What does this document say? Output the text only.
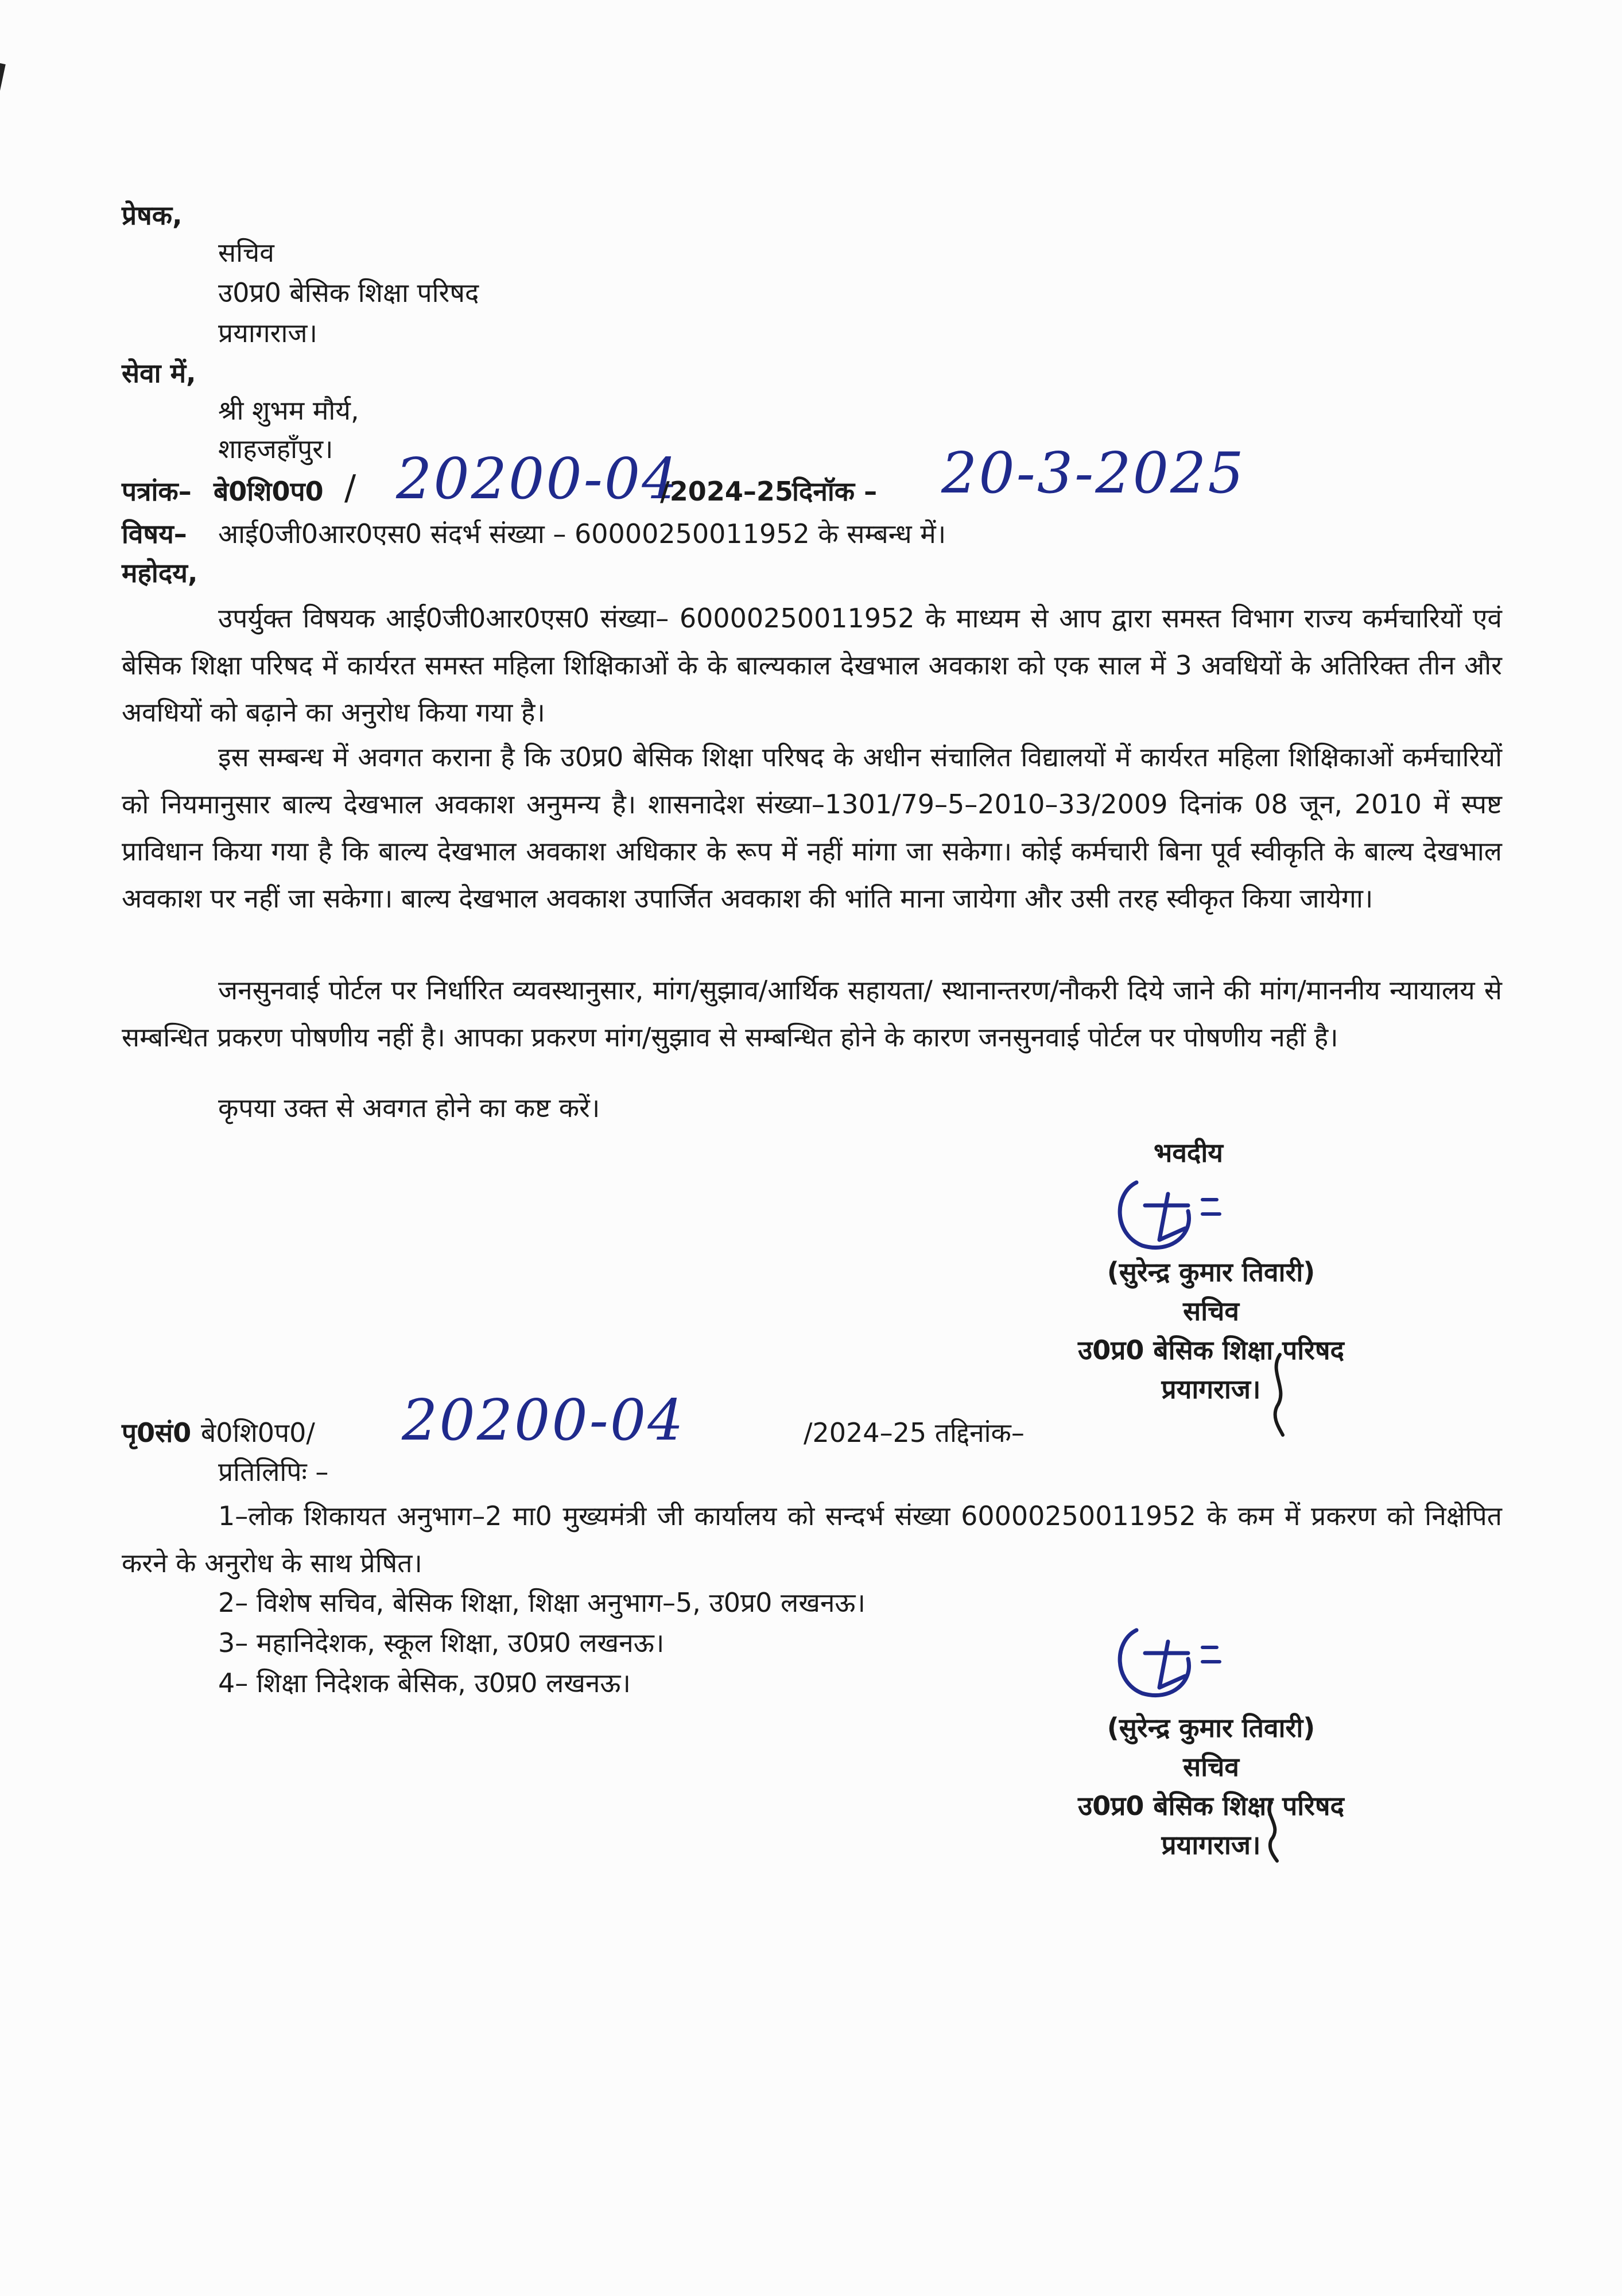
प्रेषक,
सचिव
उ0प्र0 बेसिक शिक्षा परिषद
प्रयागराज।
सेवा में,
श्री शुभम मौर्य,
शाहजहाँपुर।
पत्रांक– बे0शि0प0 / 20200-04
/2024–25
दिनॉक – 20-3-2025
विषय– आई0जी0आर0एस0 संदर्भ संख्या – 60000250011952 के सम्बन्ध में।
महोदय,
उपर्युक्त विषयक आई0जी0आर0एस0 संख्या– 60000250011952 के माध्यम से आप द्वारा समस्त विभाग राज्य कर्मचारियों एवं बेसिक शिक्षा परिषद में कार्यरत समस्त महिला शिक्षिकाओं के के बाल्यकाल देखभाल अवकाश को एक साल में 3 अवधियों के अतिरिक्त तीन और अवधियों को बढ़ाने का अनुरोध किया गया है।
इस सम्बन्ध में अवगत कराना है कि उ0प्र0 बेसिक शिक्षा परिषद के अधीन संचालित विद्यालयों में कार्यरत महिला शिक्षिकाओं कर्मचारियों को नियमानुसार बाल्य देखभाल अवकाश अनुमन्य है। शासनादेश संख्या–1301/79–5–2010–33/2009 दिनांक 08 जून, 2010 में स्पष्ट प्राविधान किया गया है कि बाल्य देखभाल अवकाश अधिकार के रूप में नहीं मांगा जा सकेगा। कोई कर्मचारी बिना पूर्व स्वीकृति के बाल्य देखभाल अवकाश पर नहीं जा सकेगा। बाल्य देखभाल अवकाश उपार्जित अवकाश की भांति माना जायेगा और उसी तरह स्वीकृत किया जायेगा।
जनसुनवाई पोर्टल पर निर्धारित व्यवस्थानुसार, मांग/सुझाव/आर्थिक सहायता/ स्थानान्तरण/नौकरी दिये जाने की मांग/माननीय न्यायालय से सम्बन्धित प्रकरण पोषणीय नहीं है। आपका प्रकरण मांग/सुझाव से सम्बन्धित होने के कारण जनसुनवाई पोर्टल पर पोषणीय नहीं है।
कृपया उक्त से अवगत होने का कष्ट करें।
भवदीय
(सुरेन्द्र कुमार तिवारी)
सचिव
उ0प्र0 बेसिक शिक्षा परिषद
प्रयागराज।
पृ0सं0 बे0शि0प0/ 20200-04	/2024–25 तद्दिनांक–
प्रतिलिपिः –
1–लोक शिकायत अनुभाग–2 मा0 मुख्यमंत्री जी कार्यालय को सन्दर्भ संख्या 60000250011952 के कम में प्रकरण को निक्षेपित करने के अनुरोध के साथ प्रेषित।
2– विशेष सचिव, बेसिक शिक्षा, शिक्षा अनुभाग–5, उ0प्र0 लखनऊ।
3– महानिदेशक, स्कूल शिक्षा, उ0प्र0 लखनऊ।
4– शिक्षा निदेशक बेसिक, उ0प्र0 लखनऊ।
(सुरेन्द्र कुमार तिवारी)
सचिव
उ0प्र0 बेसिक शिक्षा परिषद
प्रयागराज।
